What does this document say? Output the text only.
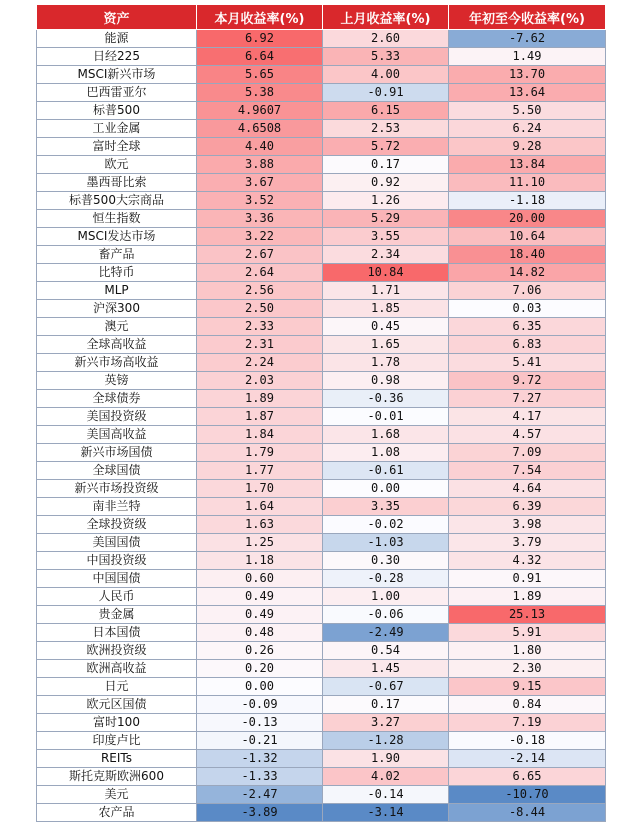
资产	本月收益率(%)	上月收益率(%)	年初至今收益率(%)
能源	6.92	2.60	-7.62
日经225	6.64	5.33	1.49
MSCI新兴市场	5.65	4.00	13.70
巴西雷亚尔	5.38	-0.91	13.64
标普500	4.9607	6.15	5.50
工业金属	4.6508	2.53	6.24
富时全球	4.40	5.72	9.28
欧元	3.88	0.17	13.84
墨西哥比索	3.67	0.92	11.10
标普500大宗商品	3.52	1.26	-1.18
恒生指数	3.36	5.29	20.00
MSCI发达市场	3.22	3.55	10.64
畜产品	2.67	2.34	18.40
比特币	2.64	10.84	14.82
MLP	2.56	1.71	7.06
沪深300	2.50	1.85	0.03
澳元	2.33	0.45	6.35
全球高收益	2.31	1.65	6.83
新兴市场高收益	2.24	1.78	5.41
英镑	2.03	0.98	9.72
全球债券	1.89	-0.36	7.27
美国投资级	1.87	-0.01	4.17
美国高收益	1.84	1.68	4.57
新兴市场国债	1.79	1.08	7.09
全球国债	1.77	-0.61	7.54
新兴市场投资级	1.70	0.00	4.64
南非兰特	1.64	3.35	6.39
全球投资级	1.63	-0.02	3.98
美国国债	1.25	-1.03	3.79
中国投资级	1.18	0.30	4.32
中国国债	0.60	-0.28	0.91
人民币	0.49	1.00	1.89
贵金属	0.49	-0.06	25.13
日本国债	0.48	-2.49	5.91
欧洲投资级	0.26	0.54	1.80
欧洲高收益	0.20	1.45	2.30
日元	0.00	-0.67	9.15
欧元区国债	-0.09	0.17	0.84
富时100	-0.13	3.27	7.19
印度卢比	-0.21	-1.28	-0.18
REITs	-1.32	1.90	-2.14
斯托克斯欧洲600	-1.33	4.02	6.65
美元	-2.47	-0.14	-10.70
农产品	-3.89	-3.14	-8.44
